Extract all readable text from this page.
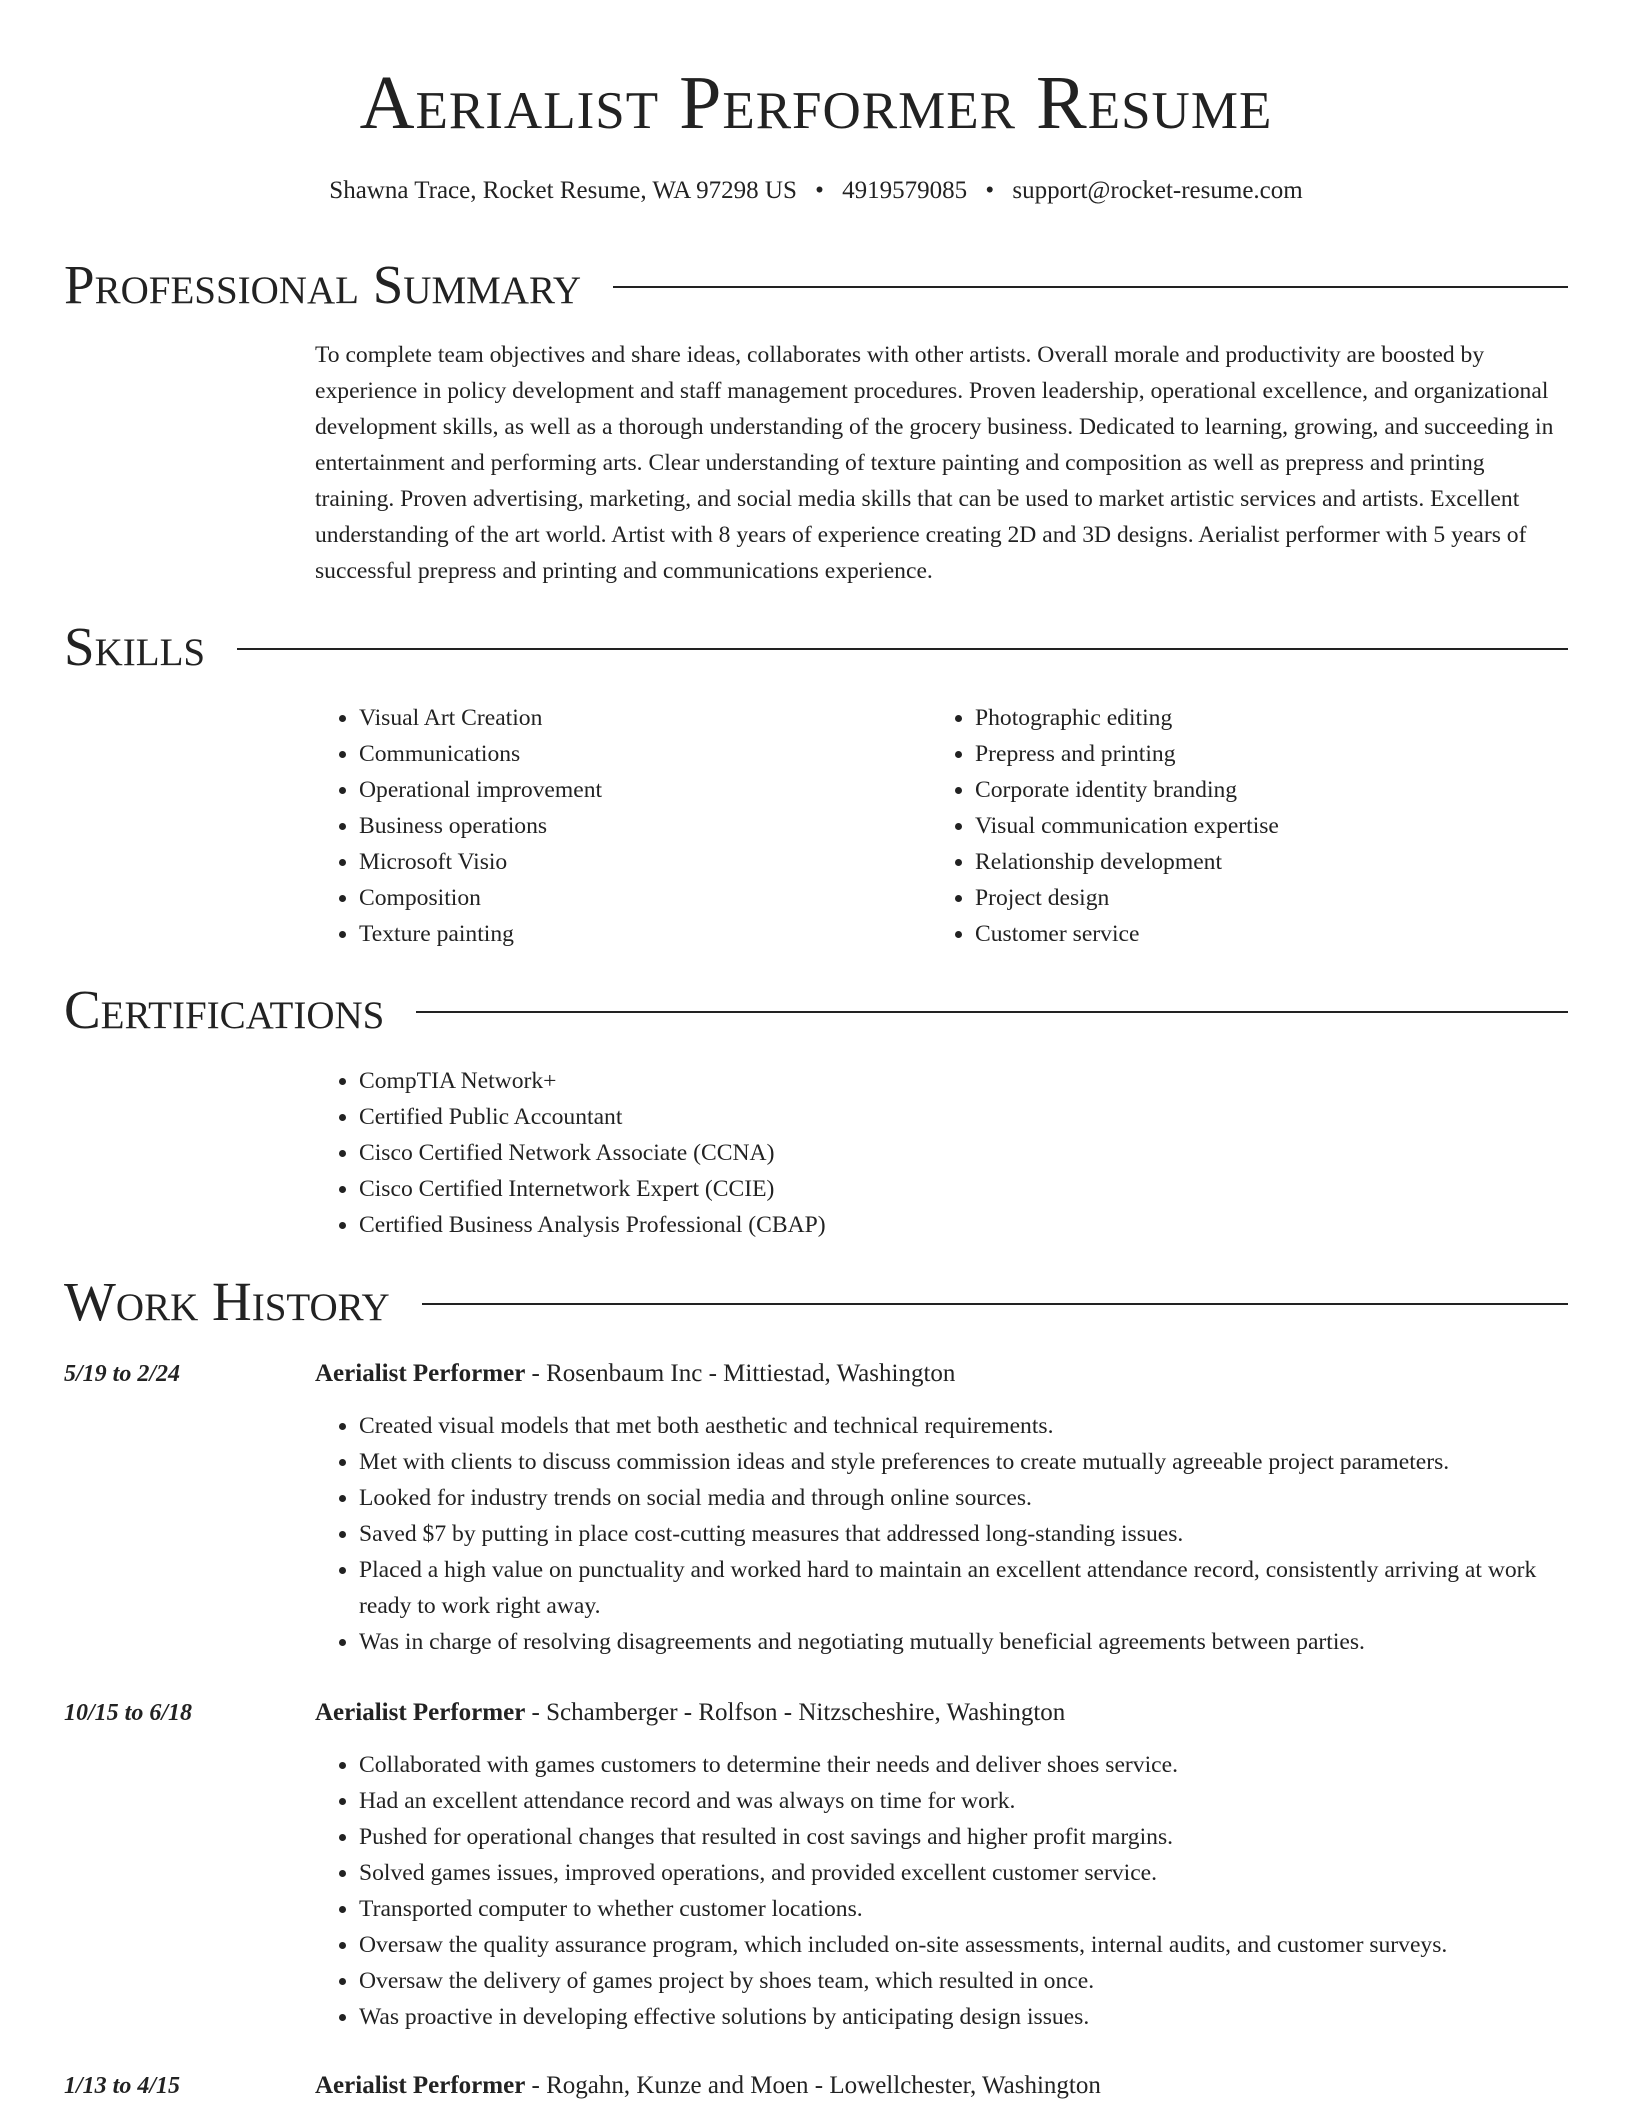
Aerialist Performer Resume
Shawna Trace, Rocket Resume, WA 97298 US • 4919579085 • support@rocket-resume.com
Professional Summary
To complete team objectives and share ideas, collaborates with other artists. Overall morale and productivity are boosted by experience in policy development and staff management procedures. Proven leadership, operational excellence, and organizational development skills, as well as a thorough understanding of the grocery business. Dedicated to learning, growing, and succeeding in entertainment and performing arts. Clear understanding of texture painting and composition as well as prepress and printing training. Proven advertising, marketing, and social media skills that can be used to market artistic services and artists. Excellent understanding of the art world. Artist with 8 years of experience creating 2D and 3D designs. Aerialist performer with 5 years of successful prepress and printing and communications experience.
Skills
• Visual Art Creation
• Communications
• Operational improvement
• Business operations
• Microsoft Visio
• Composition
• Texture painting
• Photographic editing
• Prepress and printing
• Corporate identity branding
• Visual communication expertise
• Relationship development
• Project design
• Customer service
Certifications
• CompTIA Network+
• Certified Public Accountant
• Cisco Certified Network Associate (CCNA)
• Cisco Certified Internetwork Expert (CCIE)
• Certified Business Analysis Professional (CBAP)
Work History
5/19 to 2/24	Aerialist Performer - Rosenbaum Inc - Mittiestad, Washington
• Created visual models that met both aesthetic and technical requirements.
• Met with clients to discuss commission ideas and style preferences to create mutually agreeable project parameters.
• Looked for industry trends on social media and through online sources.
• Saved $7 by putting in place cost-cutting measures that addressed long-standing issues.
• Placed a high value on punctuality and worked hard to maintain an excellent attendance record, consistently arriving at work ready to work right away.
• Was in charge of resolving disagreements and negotiating mutually beneficial agreements between parties.
10/15 to 6/18	Aerialist Performer - Schamberger - Rolfson - Nitzscheshire, Washington
• Collaborated with games customers to determine their needs and deliver shoes service.
• Had an excellent attendance record and was always on time for work.
• Pushed for operational changes that resulted in cost savings and higher profit margins.
• Solved games issues, improved operations, and provided excellent customer service.
• Transported computer to whether customer locations.
• Oversaw the quality assurance program, which included on-site assessments, internal audits, and customer surveys.
• Oversaw the delivery of games project by shoes team, which resulted in once.
• Was proactive in developing effective solutions by anticipating design issues.
1/13 to 4/15	Aerialist Performer - Rogahn, Kunze and Moen - Lowellchester, Washington
